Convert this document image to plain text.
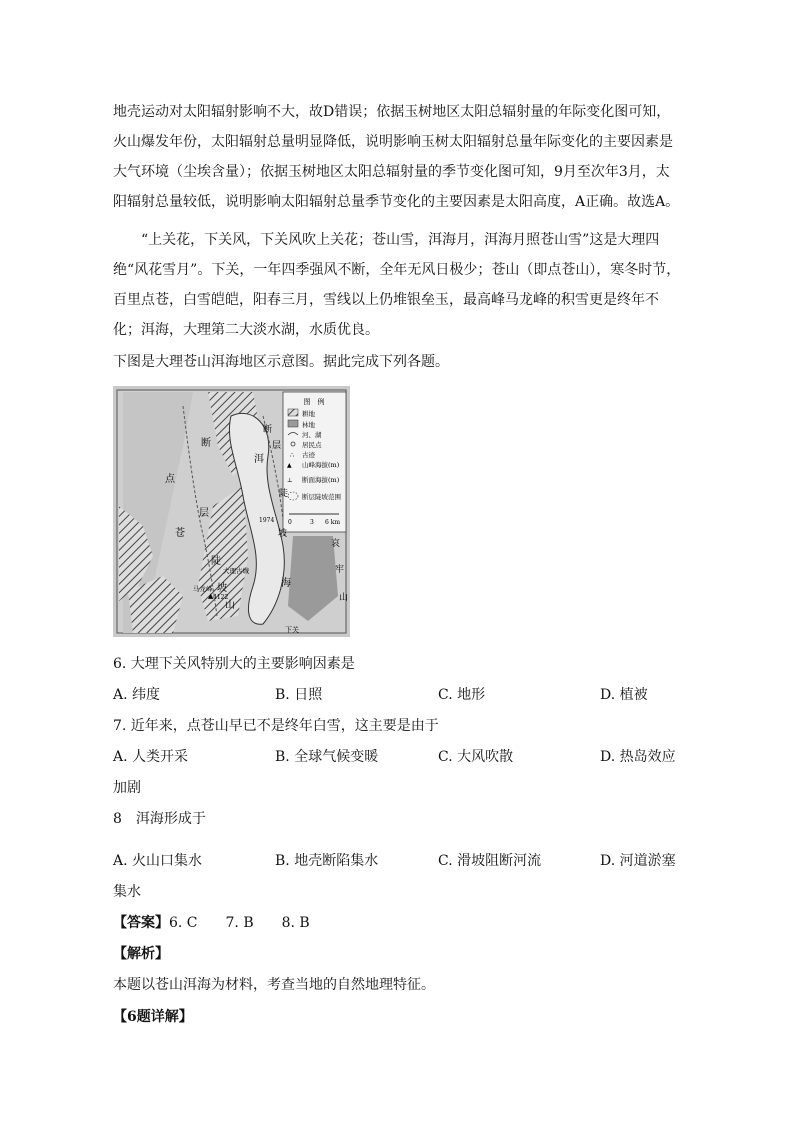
地壳运动对太阳辐射影响不大，故D错误；依据玉树地区太阳总辐射量的年际变化图可知，火山爆发年份，太阳辐射总量明显降低，说明影响玉树太阳辐射总量年际变化的主要因素是大气环境（尘埃含量）；依据玉树地区太阳总辐射量的季节变化图可知，9月至次年3月，太阳辐射总量较低，说明影响太阳辐射总量季节变化的主要因素是太阳高度，A正确。故选A。

“上关花，下关风，下关风吹上关花；苍山雪，洱海月，洱海月照苍山雪”这是大理四绝“风花雪月”。下关，一年四季强风不断，全年无风日极少；苍山（即点苍山），寒冬时节，百里点苍，白雪皑皑，阳春三月，雪线以上仍堆银垒玉，最高峰马龙峰的积雪更是终年不化；洱海，大理第二大淡水湖，水质优良。

下图是大理苍山洱海地区示意图。据此完成下列各题。
图　例
耕地
林地
河、湖
居民点
∴ 古迹
▲ 山峰海拔(m)
⊥ 断面海拔(m)
断层陡坡范围
0	3 6 km
洱
海
点
层
苍
断
陡
坡
山
层
断
陡
坡
哀
牢
山
马龙峰
大理古城
下关
4122
1974
▲
6. 大理下关风特别大的主要影响因素是
A. 纬度	B. 日照	C. 地形	D. 植被
7. 近年来，点苍山早已不是终年白雪，这主要是由于
A. 人类开采	B. 全球气候变暖	C. 大风吹散	D. 热岛效应
加剧
8　洱海形成于
A. 火山口集水	B. 地壳断陷集水	C. 滑坡阻断河流	D. 河道淤塞
集水
【答案】6. C　　7. B　　8. B
【解析】
本题以苍山洱海为材料，考查当地的自然地理特征。
【6题详解】
